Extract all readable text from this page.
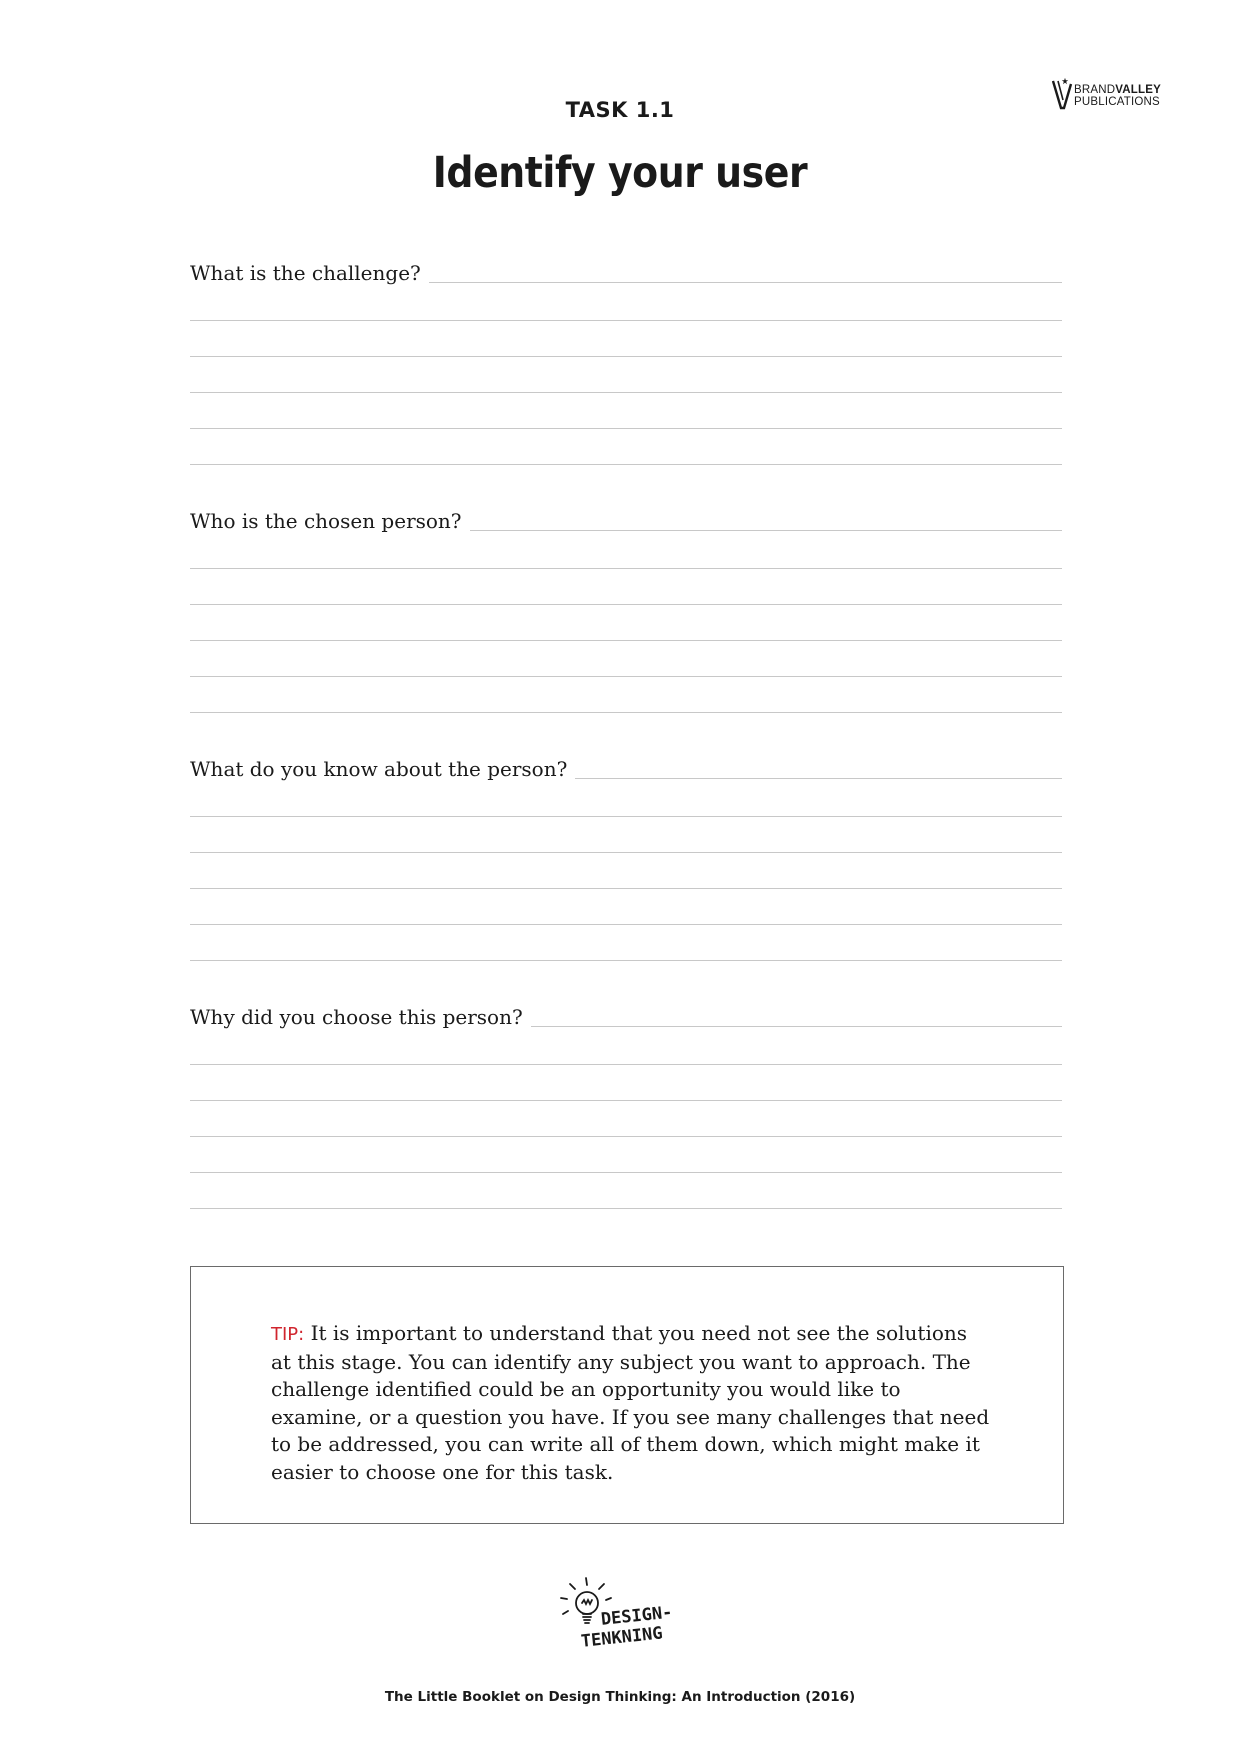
BRANDVALLEY
PUBLICATIONS
TASK 1.1
Identify your user
What is the challenge?
Who is the chosen person?
What do you know about the person?
Why did you choose this person?
TIP: It is important to understand that you need not see the solutions at this stage. You can identify any subject you want to approach. The challenge identified could be an opportunity you would like to examine, or a question you have. If you see many challenges that need to be addressed, you can write all of them down, which might make it easier to choose one for this task.
DESIGN-
TENKNING
The Little Booklet on Design Thinking: An Introduction (2016)
